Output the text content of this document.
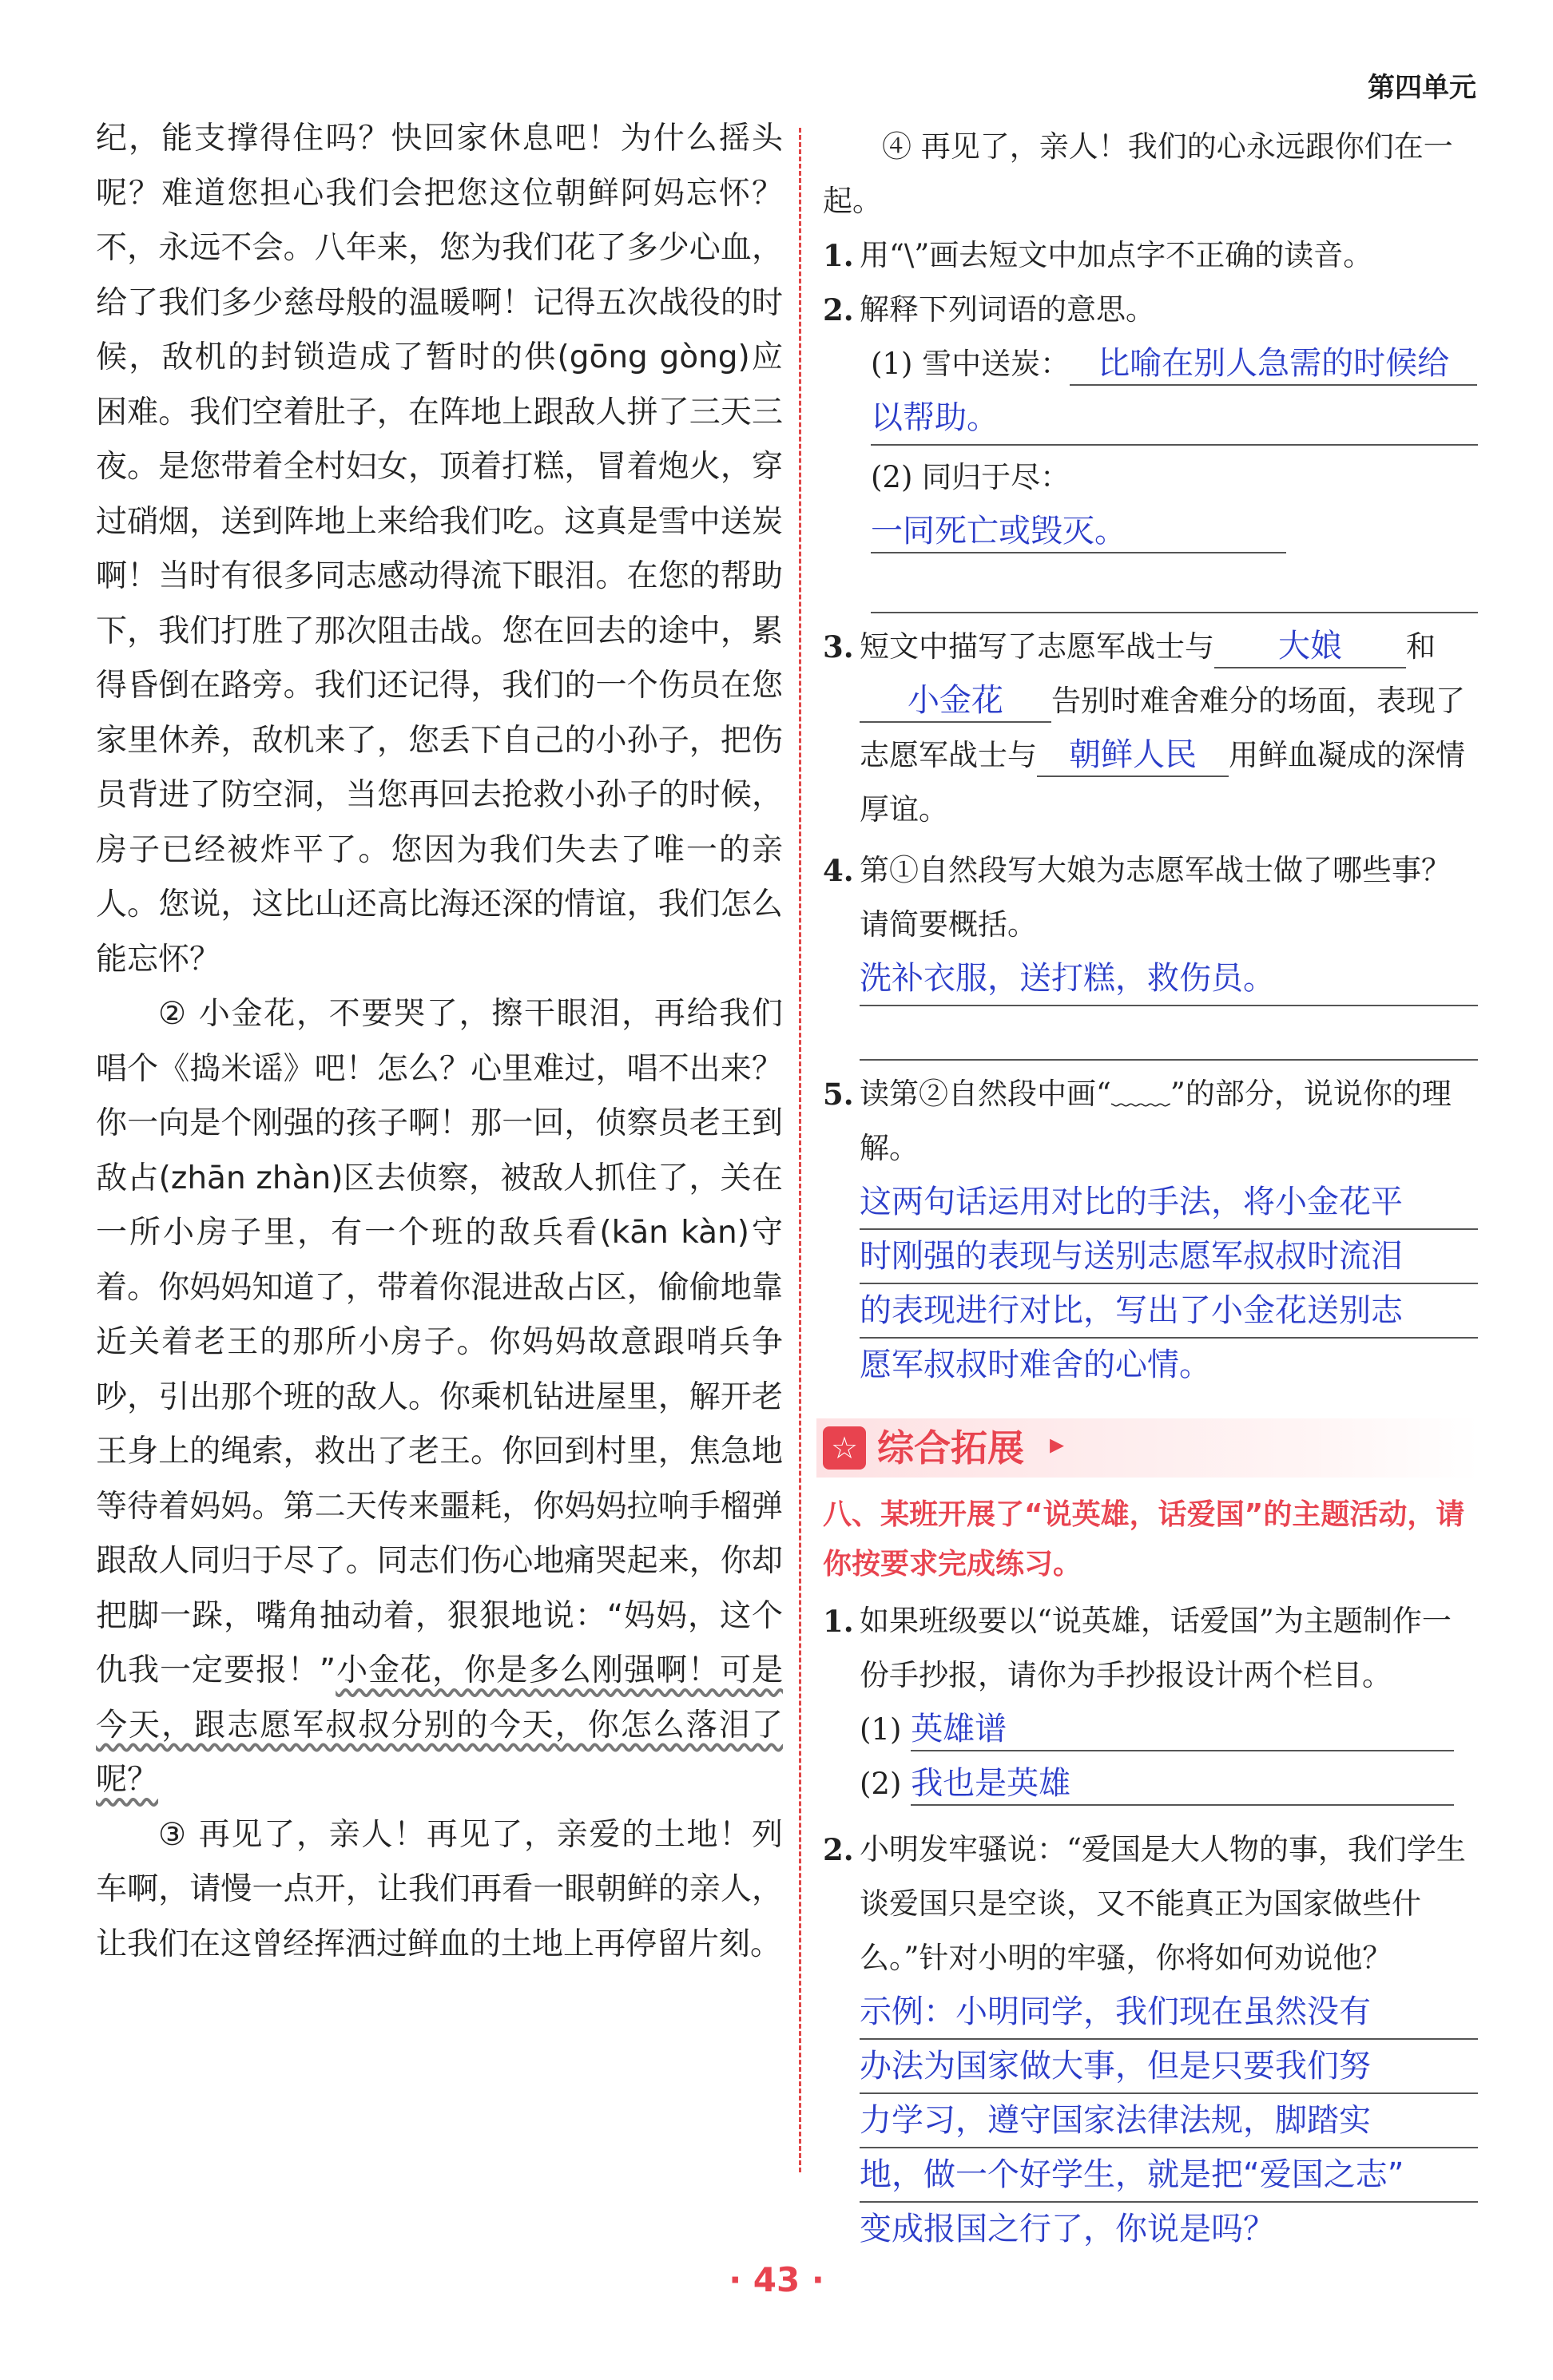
第四单元

纪，能支撑得住吗？快回家休息吧！为什么摇头呢？难道您担心我们会把您这位朝鲜阿妈忘怀？不，永远不会。八年来，您为我们花了多少心血，给了我们多少慈母般的温暖啊！记得五次战役的时候，敌机的封锁造成了暂时的供(gōng gòng)应困难。我们空着肚子，在阵地上跟敌人拼了三天三夜。是您带着全村妇女，顶着打糕，冒着炮火，穿过硝烟，送到阵地上来给我们吃。这真是雪中送炭啊！当时有很多同志感动得流下眼泪。在您的帮助下，我们打胜了那次阻击战。您在回去的途中，累得昏倒在路旁。我们还记得，我们的一个伤员在您家里休养，敌机来了，您丢下自己的小孙子，把伤员背进了防空洞，当您再回去抢救小孙子的时候，房子已经被炸平了。您因为我们失去了唯一的亲人。您说，这比山还高比海还深的情谊，我们怎么能忘怀？

② 小金花，不要哭了，擦干眼泪，再给我们唱个《捣米谣》吧！怎么？心里难过，唱不出来？你一向是个刚强的孩子啊！那一回，侦察员老王到敌占(zhān zhàn)区去侦察，被敌人抓住了，关在一所小房子里，有一个班的敌兵看(kān kàn)守着。你妈妈知道了，带着你混进敌占区，偷偷地靠近关着老王的那所小房子。你妈妈故意跟哨兵争吵，引出那个班的敌人。你乘机钻进屋里，解开老王身上的绳索，救出了老王。你回到村里，焦急地等待着妈妈。第二天传来噩耗，你妈妈拉响手榴弹跟敌人同归于尽了。同志们伤心地痛哭起来，你却把脚一跺，嘴角抽动着，狠狠地说：“妈妈，这个仇我一定要报！”小金花，你是多么刚强啊！可是今天，跟志愿军叔叔分别的今天，你怎么落泪了呢？

③ 再见了，亲人！再见了，亲爱的土地！列车啊，请慢一点开，让我们再看一眼朝鲜的亲人，让我们在这曾经挥洒过鲜血的土地上再停留片刻。

④ 再见了，亲人！我们的心永远跟你们在一起。

1. 用“\”画去短文中加点字不正确的读音。
2. 解释下列词语的意思。
(1) 雪中送炭： 比喻在别人急需的时候给
以帮助。
(2) 同归于尽：一同死亡或毁灭。
3. 短文中描写了志愿军战士与 大娘 和
小金花 告别时难舍难分的场面，表现了志愿军战士与 朝鲜人民 用鲜血凝成的深情厚谊。
4. 第①自然段写大娘为志愿军战士做了哪些事？请简要概括。
洗补衣服，送打糕，救伤员。
5. 读第②自然段中画“﹏﹏”的部分，说说你的理解。
这两句话运用对比的手法，将小金花平
时刚强的表现与送别志愿军叔叔时流泪
的表现进行对比，写出了小金花送别志
愿军叔叔时难舍的心情。
☆ 综合拓展 ▸
八、某班开展了“说英雄，话爱国”的主题活动，请你按要求完成练习。
1. 如果班级要以“说英雄，话爱国”为主题制作一份手抄报，请你为手抄报设计两个栏目。
(1) 英雄谱
(2) 我也是英雄
2. 小明发牢骚说：“爱国是大人物的事，我们学生谈爱国只是空谈，又不能真正为国家做些什么。”针对小明的牢骚，你将如何劝说他？
示例：小明同学，我们现在虽然没有
办法为国家做大事，但是只要我们努
力学习，遵守国家法律法规，脚踏实
地，做一个好学生，就是把“爱国之志”
变成报国之行了，你说是吗？
· 43 ·
